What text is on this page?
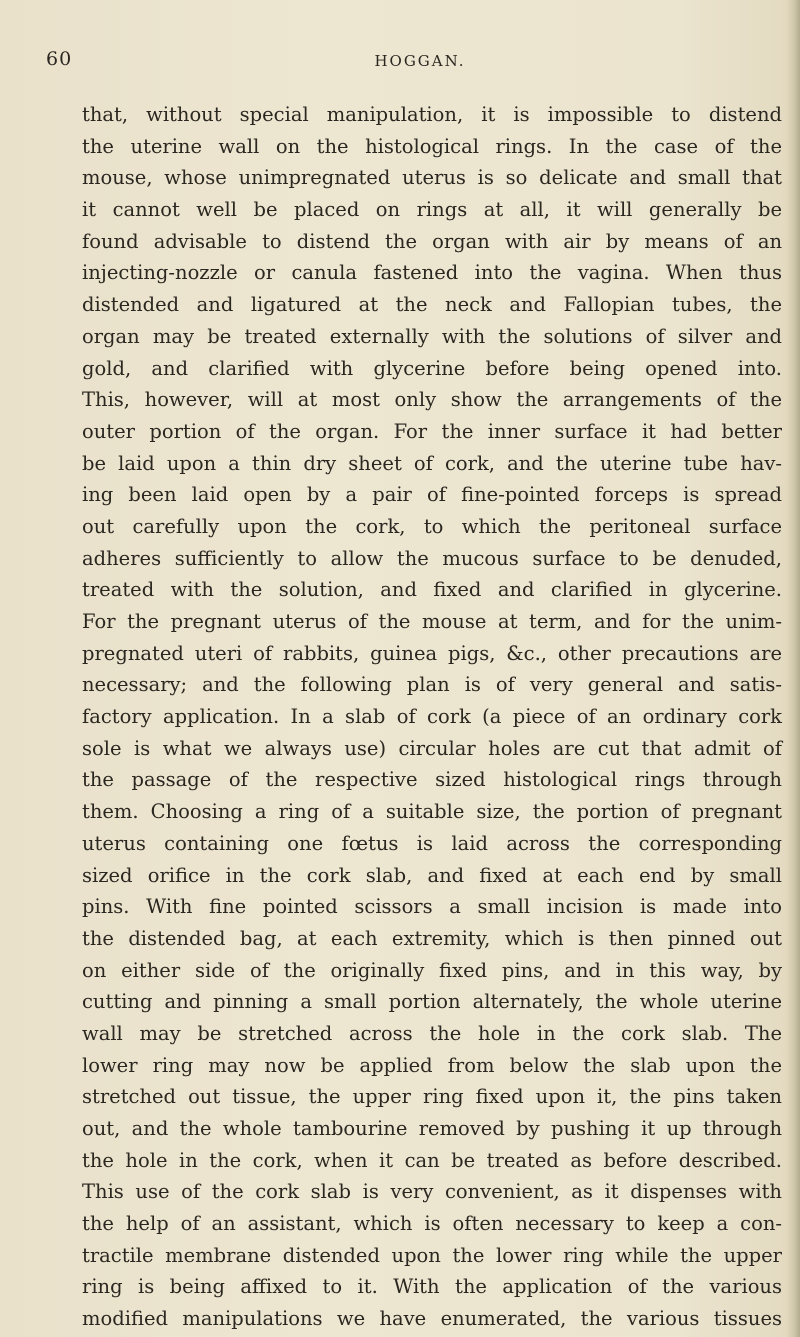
60	HOGGAN.
that, without special manipulation, it is impossible to distend
the uterine wall on the histological rings. In the case of the
mouse, whose unimpregnated uterus is so delicate and small that
it cannot well be placed on rings at all, it will generally be
found advisable to distend the organ with air by means of an
injecting-nozzle or canula fastened into the vagina. When thus
distended and ligatured at the neck and Fallopian tubes, the
organ may be treated externally with the solutions of silver and
gold, and clarified with glycerine before being opened into.
This, however, will at most only show the arrangements of the
outer portion of the organ. For the inner surface it had better
be laid upon a thin dry sheet of cork, and the uterine tube hav-
ing been laid open by a pair of fine-pointed forceps is spread
out carefully upon the cork, to which the peritoneal surface
adheres sufficiently to allow the mucous surface to be denuded,
treated with the solution, and fixed and clarified in glycerine.
For the pregnant uterus of the mouse at term, and for the unim-
pregnated uteri of rabbits, guinea pigs, &c., other precautions are
necessary; and the following plan is of very general and satis-
factory application. In a slab of cork (a piece of an ordinary cork
sole is what we always use) circular holes are cut that admit of
the passage of the respective sized histological rings through
them. Choosing a ring of a suitable size, the portion of pregnant
uterus containing one fœtus is laid across the corresponding
sized orifice in the cork slab, and fixed at each end by small
pins. With fine pointed scissors a small incision is made into
the distended bag, at each extremity, which is then pinned out
on either side of the originally fixed pins, and in this way, by
cutting and pinning a small portion alternately, the whole uterine
wall may be stretched across the hole in the cork slab. The
lower ring may now be applied from below the slab upon the
stretched out tissue, the upper ring fixed upon it, the pins taken
out, and the whole tambourine removed by pushing it up through
the hole in the cork, when it can be treated as before described.
This use of the cork slab is very convenient, as it dispenses with
the help of an assistant, which is often necessary to keep a con-
tractile membrane distended upon the lower ring while the upper
ring is being affixed to it. With the application of the various
modified manipulations we have enumerated, the various tissues
